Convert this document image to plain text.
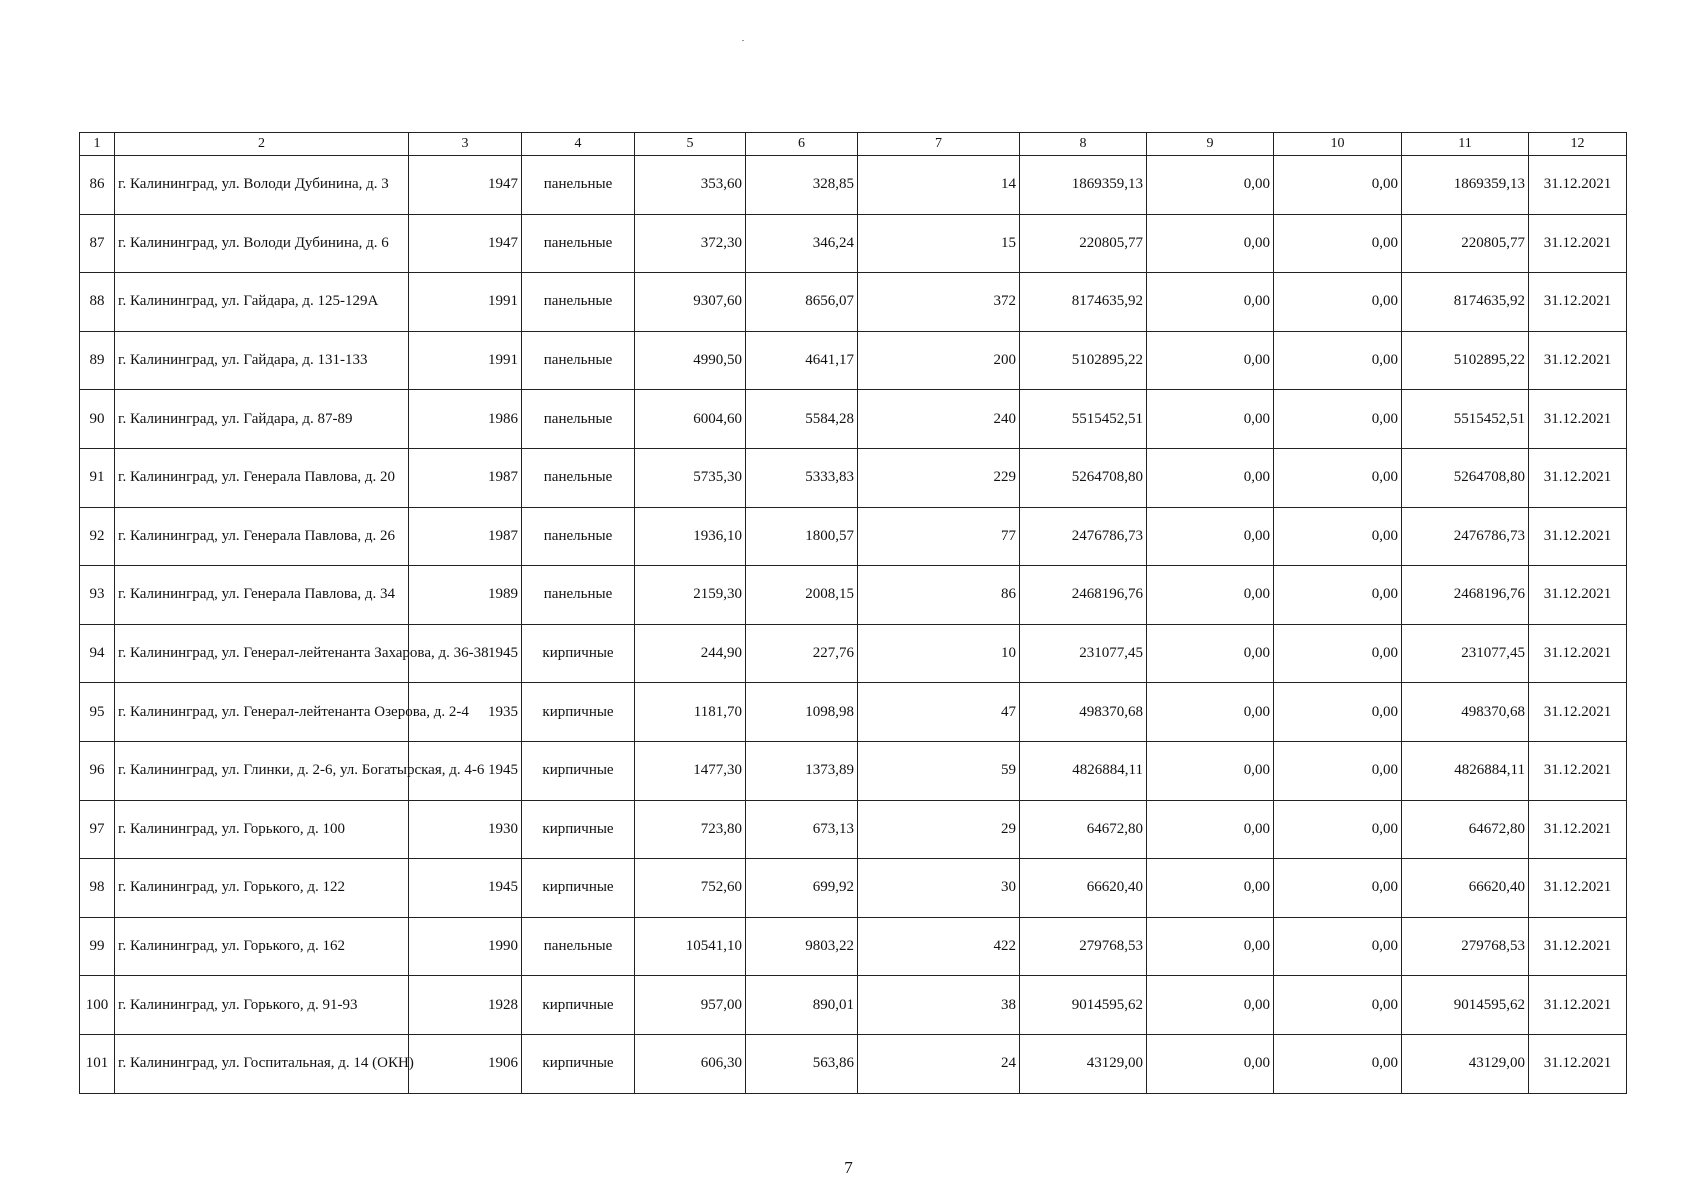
1	2	3	4	5	6	7	8	9	10	11	12
86	г. Калининград, ул. Володи Дубинина, д. 3	1947	панельные	353,60	328,85	14	1869359,13	0,00	0,00	1869359,13	31.12.2021
87	г. Калининград, ул. Володи Дубинина, д. 6	1947	панельные	372,30	346,24	15	220805,77	0,00	0,00	220805,77	31.12.2021
88	г. Калининград, ул. Гайдара, д. 125-129А	1991	панельные	9307,60	8656,07	372	8174635,92	0,00	0,00	8174635,92	31.12.2021
89	г. Калининград, ул. Гайдара, д. 131-133	1991	панельные	4990,50	4641,17	200	5102895,22	0,00	0,00	5102895,22	31.12.2021
90	г. Калининград, ул. Гайдара, д. 87-89	1986	панельные	6004,60	5584,28	240	5515452,51	0,00	0,00	5515452,51	31.12.2021
91	г. Калининград, ул. Генерала Павлова, д. 20	1987	панельные	5735,30	5333,83	229	5264708,80	0,00	0,00	5264708,80	31.12.2021
92	г. Калининград, ул. Генерала Павлова, д. 26	1987	панельные	1936,10	1800,57	77	2476786,73	0,00	0,00	2476786,73	31.12.2021
93	г. Калининград, ул. Генерала Павлова, д. 34	1989	панельные	2159,30	2008,15	86	2468196,76	0,00	0,00	2468196,76	31.12.2021
94	г. Калининград, ул. Генерал-лейтенанта Захарова, д. 36-38	1945	кирпичные	244,90	227,76	10	231077,45	0,00	0,00	231077,45	31.12.2021
95	г. Калининград, ул. Генерал-лейтенанта Озерова, д. 2-4	1935	кирпичные	1181,70	1098,98	47	498370,68	0,00	0,00	498370,68	31.12.2021
96	г. Калининград, ул. Глинки, д. 2-6, ул. Богатырская, д. 4-6	1945	кирпичные	1477,30	1373,89	59	4826884,11	0,00	0,00	4826884,11	31.12.2021
97	г. Калининград, ул. Горького, д. 100	1930	кирпичные	723,80	673,13	29	64672,80	0,00	0,00	64672,80	31.12.2021
98	г. Калининград, ул. Горького, д. 122	1945	кирпичные	752,60	699,92	30	66620,40	0,00	0,00	66620,40	31.12.2021
99	г. Калининград, ул. Горького, д. 162	1990	панельные	10541,10	9803,22	422	279768,53	0,00	0,00	279768,53	31.12.2021
100	г. Калининград, ул. Горького, д. 91-93	1928	кирпичные	957,00	890,01	38	9014595,62	0,00	0,00	9014595,62	31.12.2021
101	г. Калининград, ул. Госпитальная, д. 14 (ОКН)	1906	кирпичные	606,30	563,86	24	43129,00	0,00	0,00	43129,00	31.12.2021
7
